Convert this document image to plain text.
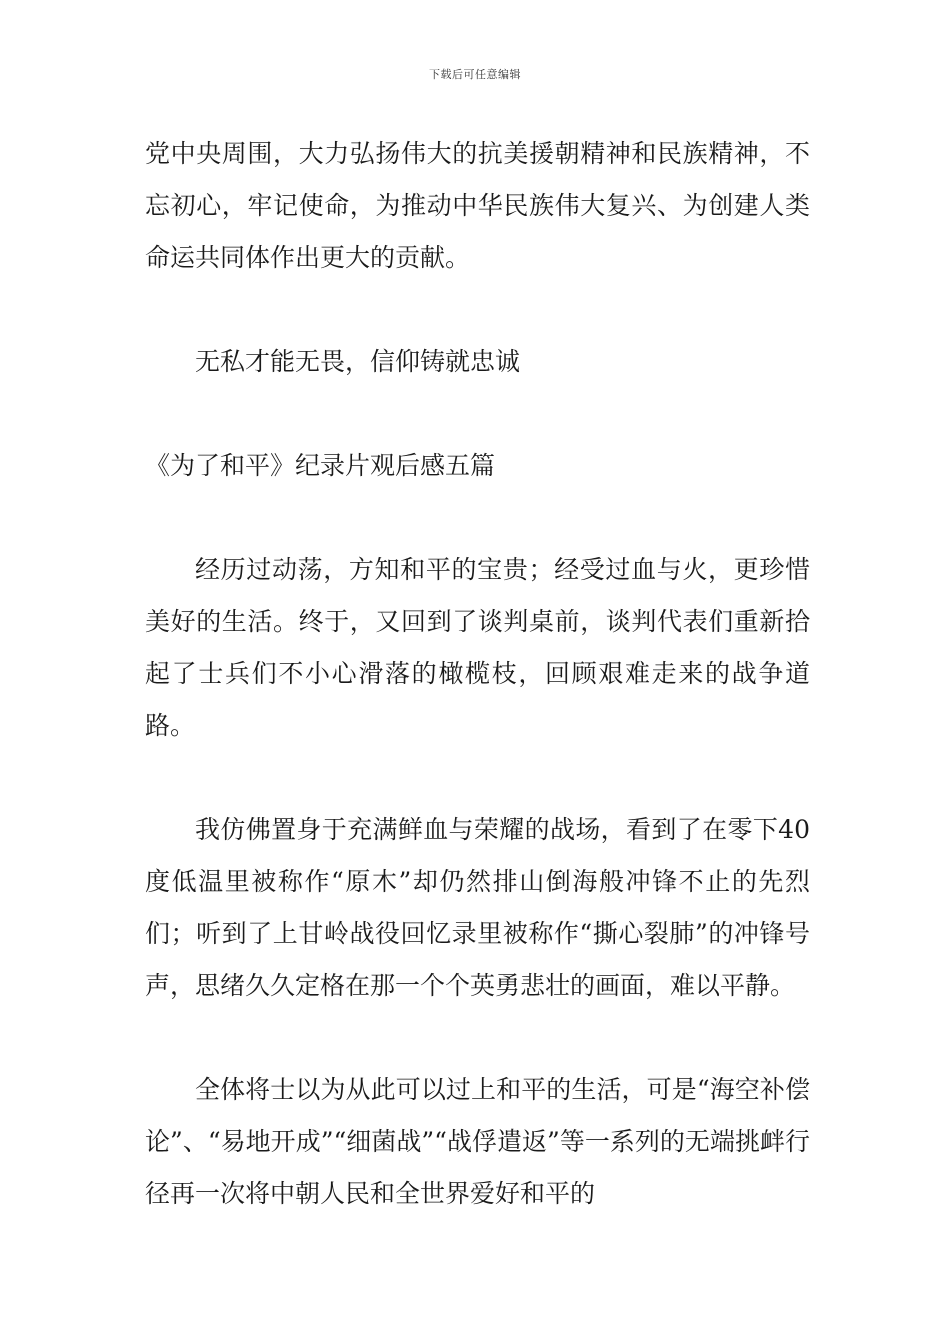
下载后可任意编辑

党中央周围，大力弘扬伟大的抗美援朝精神和民族精神，不忘初心，牢记使命，为推动中华民族伟大复兴、为创建人类命运共同体作出更大的贡献。

无私才能无畏，信仰铸就忠诚

《为了和平》纪录片观后感五篇

经历过动荡，方知和平的宝贵；经受过血与火，更珍惜美好的生活。终于，又回到了谈判桌前，谈判代表们重新拾起了士兵们不小心滑落的橄榄枝，回顾艰难走来的战争道路。

我仿佛置身于充满鲜血与荣耀的战场，看到了在零下40度低温里被称作“原木”却仍然排山倒海般冲锋不止的先烈们；听到了上甘岭战役回忆录里被称作“撕心裂肺”的冲锋号声，思绪久久定格在那一个个英勇悲壮的画面，难以平静。

全体将士以为从此可以过上和平的生活，可是“海空补偿论”、“易地开成”“细菌战”“战俘遣返”等一系列的无端挑衅行径再一次将中朝人民和全世界爱好和平的
